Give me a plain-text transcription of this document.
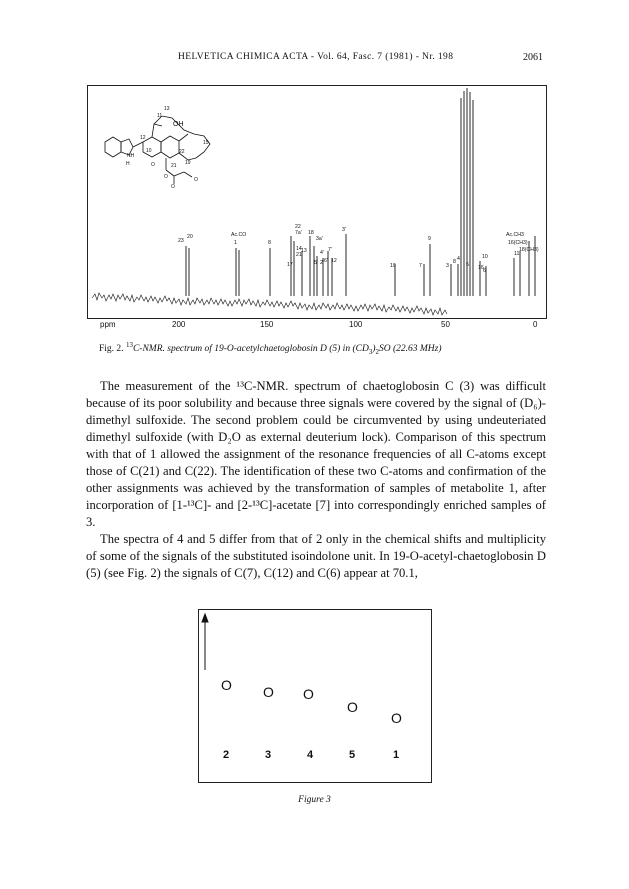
HELVETICA CHIMICA ACTA - Vol. 64, Fasc. 7 (1981) - Nr. 198	2061
11
13
OH
12
10
NH
H	O	21
O
O
O
15
22
19
23
20
1
Ac.CO
8
22
7a' 18
3a'
3'
14 13
21	4' 7'
17	5' 2' 6' 12
19	7
9
3
8 4	10
5 16 6
Ac.CH3
16(CH3)
11
18(CH3)
ppm	200	150	100	50	0
Fig. 2. $^{13}$C-NMR. spectrum of 19-O-acetylchaetoglobosin D (5) in $(CD_3)_2SO$ (22.63 MHz)

The measurement of the ¹³C-NMR. spectrum of chaetoglobosin C (3) was difficult because of its poor solubility and because three signals were covered by the signal of (D₆)-dimethyl sulfoxide. The second problem could be circumvented by using undeuteriated dimethyl sulfoxide (with D₂O as external deuterium lock). Comparison of this spectrum with that of 1 allowed the assignment of the resonance frequencies of all C-atoms except those of C(21) and C(22). The identification of these two C-atoms and confirmation of the other assignments was achieved by the transformation of samples of metabolite 1, after incorporation of [1-¹³C]- and [2-¹³C]-acetate [7] into correspondingly enriched samples of 3.

The spectra of 4 and 5 differ from that of 2 only in the chemical shifts and multiplicity of some of the signals of the substituted isoindolone unit. In 19-O-acetyl-chaetoglobosin D (5) (see Fig. 2) the signals of C(7), C(12) and C(6) appear at 70.1,

O O O
O
O
2	3	4	5	1
Figure 3
